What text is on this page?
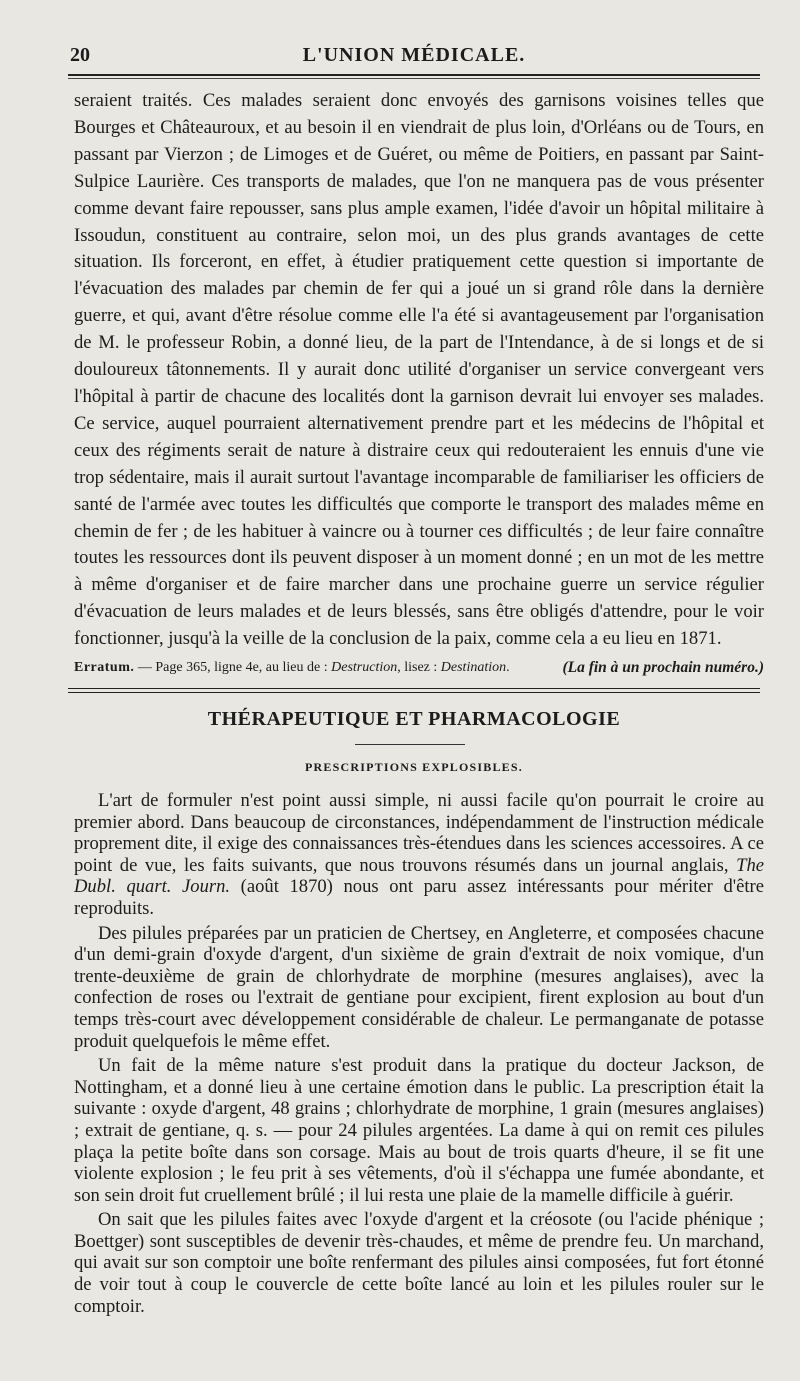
20	L'UNION MÉDICALE.

seraient traités. Ces malades seraient donc envoyés des garnisons voisines telles que Bourges et Châteauroux, et au besoin il en viendrait de plus loin, d'Orléans ou de Tours, en passant par Vierzon ; de Limoges et de Guéret, ou même de Poitiers, en passant par Saint-Sulpice Laurière. Ces transports de malades, que l'on ne manquera pas de vous présenter comme devant faire repousser, sans plus ample examen, l'idée d'avoir un hôpital militaire à Issoudun, constituent au contraire, selon moi, un des plus grands avantages de cette situation. Ils forceront, en effet, à étudier pratiquement cette question si importante de l'évacuation des malades par chemin de fer qui a joué un si grand rôle dans la dernière guerre, et qui, avant d'être résolue comme elle l'a été si avantageusement par l'organisation de M. le professeur Robin, a donné lieu, de la part de l'Intendance, à de si longs et de si douloureux tâtonnements. Il y aurait donc utilité d'organiser un service convergeant vers l'hôpital à partir de chacune des localités dont la garnison devrait lui envoyer ses malades. Ce service, auquel pourraient alternativement prendre part et les médecins de l'hôpital et ceux des régiments serait de nature à distraire ceux qui redouteraient les ennuis d'une vie trop sédentaire, mais il aurait surtout l'avantage incomparable de familiariser les officiers de santé de l'armée avec toutes les difficultés que comporte le transport des malades même en chemin de fer ; de les habituer à vaincre ou à tourner ces difficultés ; de leur faire connaître toutes les ressources dont ils peuvent disposer à un moment donné ; en un mot de les mettre à même d'organiser et de faire marcher dans une prochaine guerre un service régulier d'évacuation de leurs malades et de leurs blessés, sans être obligés d'attendre, pour le voir fonctionner, jusqu'à la veille de la conclusion de la paix, comme cela a eu lieu en 1871.

(La fin à un prochain numéro.)
Erratum. — Page 365, ligne 4e, au lieu de : Destruction, lisez : Destination.
THÉRAPEUTIQUE ET PHARMACOLOGIE
PRESCRIPTIONS EXPLOSIBLES.

L'art de formuler n'est point aussi simple, ni aussi facile qu'on pourrait le croire au premier abord. Dans beaucoup de circonstances, indépendamment de l'instruction médicale proprement dite, il exige des connaissances très-étendues dans les sciences accessoires. A ce point de vue, les faits suivants, que nous trouvons résumés dans un journal anglais, The Dubl. quart. Journ. (août 1870) nous ont paru assez intéressants pour mériter d'être reproduits.

Des pilules préparées par un praticien de Chertsey, en Angleterre, et composées chacune d'un demi-grain d'oxyde d'argent, d'un sixième de grain d'extrait de noix vomique, d'un trente-deuxième de grain de chlorhydrate de morphine (mesures anglaises), avec la confection de roses ou l'extrait de gentiane pour excipient, firent explosion au bout d'un temps très-court avec développement considérable de chaleur. Le permanganate de potasse produit quelquefois le même effet.

Un fait de la même nature s'est produit dans la pratique du docteur Jackson, de Nottingham, et a donné lieu à une certaine émotion dans le public. La prescription était la suivante : oxyde d'argent, 48 grains ; chlorhydrate de morphine, 1 grain (mesures anglaises) ; extrait de gentiane, q. s. — pour 24 pilules argentées. La dame à qui on remit ces pilules plaça la petite boîte dans son corsage. Mais au bout de trois quarts d'heure, il se fit une violente explosion ; le feu prit à ses vêtements, d'où il s'échappa une fumée abondante, et son sein droit fut cruellement brûlé ; il lui resta une plaie de la mamelle difficile à guérir.

On sait que les pilules faites avec l'oxyde d'argent et la créosote (ou l'acide phénique ; Boettger) sont susceptibles de devenir très-chaudes, et même de prendre feu. Un marchand, qui avait sur son comptoir une boîte renfermant des pilules ainsi composées, fut fort étonné de voir tout à coup le couvercle de cette boîte lancé au loin et les pilules rouler sur le comptoir.
